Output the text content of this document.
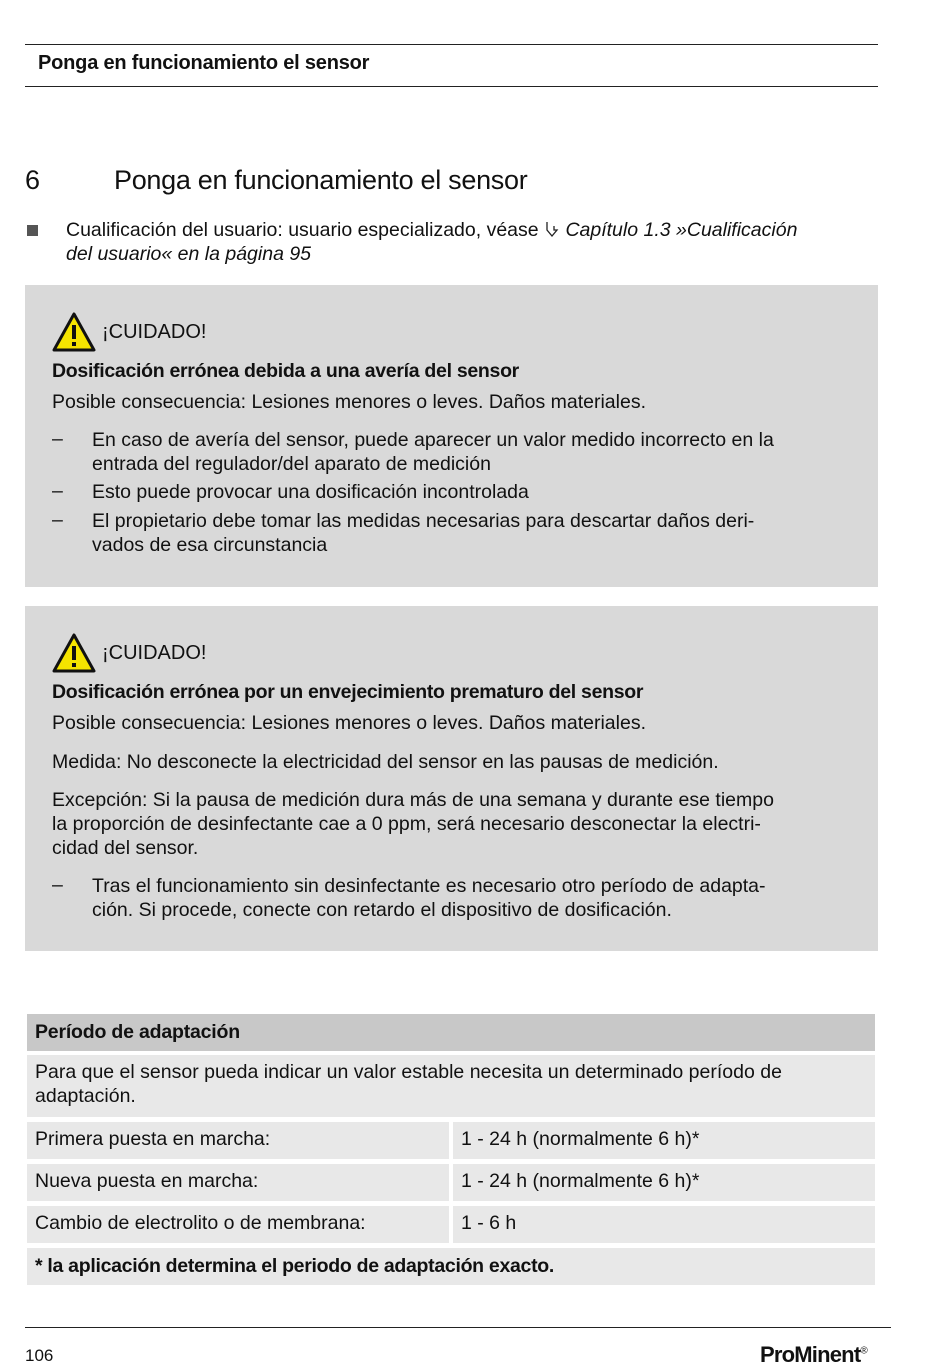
Ponga en funcionamiento el sensor
6	Ponga en funcionamiento el sensor
Cualificación del usuario: usuario especializado, véase  Capítulo 1.3 »Cualificación
del usuario« en la página 95
¡CUIDADO!
Dosificación errónea debida a una avería del sensor
Posible consecuencia: Lesiones menores o leves. Daños materiales.
– En caso de avería del sensor, puede aparecer un valor medido incorrecto en la
entrada del regulador/del aparato de medición
– Esto puede provocar una dosificación incontrolada
– El propietario debe tomar las medidas necesarias para descartar daños deri-
vados de esa circunstancia
¡CUIDADO!
Dosificación errónea por un envejecimiento prematuro del sensor
Posible consecuencia: Lesiones menores o leves. Daños materiales.
Medida: No desconecte la electricidad del sensor en las pausas de medición.
Excepción: Si la pausa de medición dura más de una semana y durante ese tiempo
la proporción de desinfectante cae a 0 ppm, será necesario desconectar la electri-
cidad del sensor.
– Tras el funcionamiento sin desinfectante es necesario otro período de adapta-
ción. Si procede, conecte con retardo el dispositivo de dosificación.
Período de adaptación
Para que el sensor pueda indicar un valor estable necesita un determinado período de
adaptación.
Primera puesta en marcha:	1 - 24 h (normalmente 6 h)*
Nueva puesta en marcha:	1 - 24 h (normalmente 6 h)*
Cambio de electrolito o de membrana:	1 - 6 h
* la aplicación determina el periodo de adaptación exacto.
106	ProMinent®
